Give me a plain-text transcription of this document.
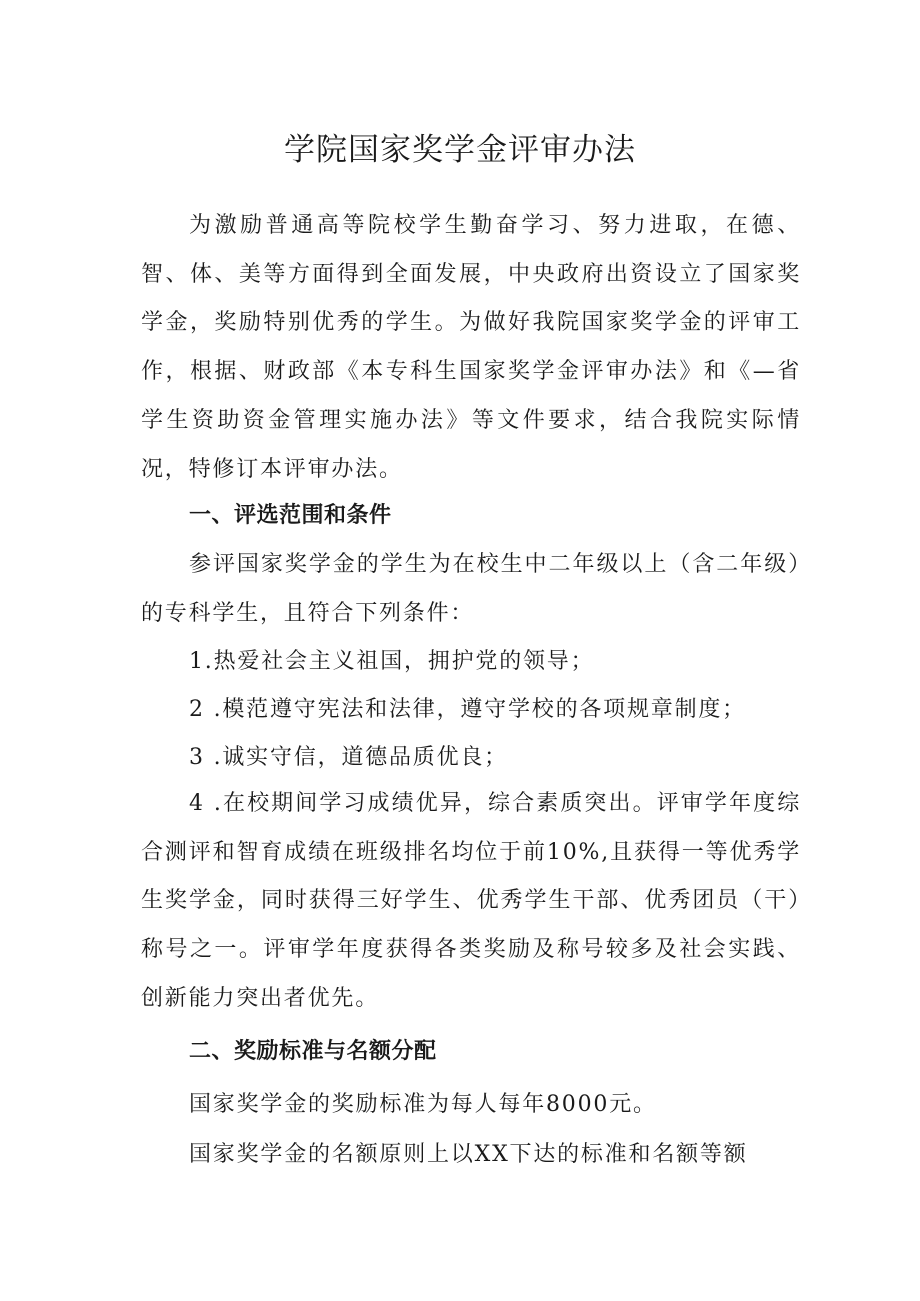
学院国家奖学金评审办法

为激励普通高等院校学生勤奋学习、努力进取，在德、智、体、美等方面得到全面发展，中央政府出资设立了国家奖学金，奖励特别优秀的学生。为做好我院国家奖学金的评审工作，根据、财政部《本专科生国家奖学金评审办法》和《—省学生资助资金管理实施办法》等文件要求，结合我院实际情况，特修订本评审办法。

一、评选范围和条件

参评国家奖学金的学生为在校生中二年级以上（含二年级）的专科学生，且符合下列条件：

1.热爱社会主义祖国，拥护党的领导；

2 .模范遵守宪法和法律，遵守学校的各项规章制度；

3 .诚实守信，道德品质优良；

4 .在校期间学习成绩优异，综合素质突出。评审学年度综合测评和智育成绩在班级排名均位于前10%,且获得一等优秀学生奖学金，同时获得三好学生、优秀学生干部、优秀团员（干）称号之一。评审学年度获得各类奖励及称号较多及社会实践、创新能力突出者优先。

二、奖励标准与名额分配

国家奖学金的奖励标准为每人每年8000元。

国家奖学金的名额原则上以XX下达的标准和名额等额
